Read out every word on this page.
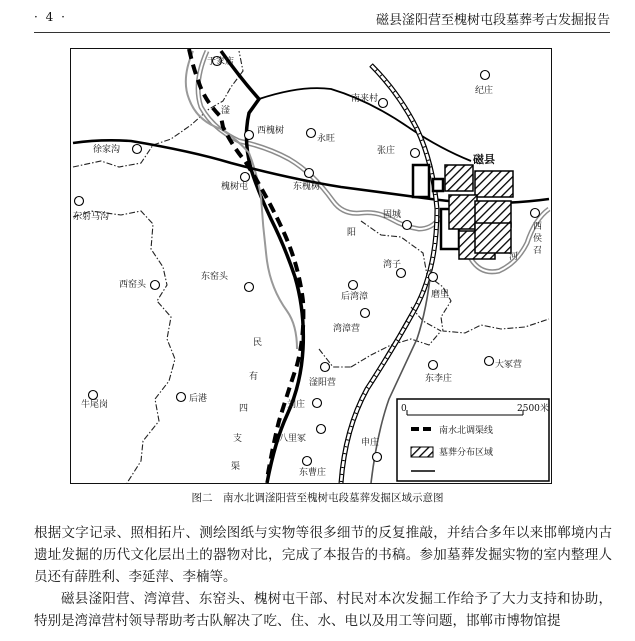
· 4 ·	磁县滏阳营至槐树屯段墓葬考古发掘报告
于家店
西槐树
永旺
南来村
纪庄
徐家沟	张庄
槐树屯	东槐树
固城
东射马沟
湾子
西窑头
东窑头
后湾漳	磨里
湾漳营
大冢营
滏阳营	东李庄
牛尾岗
后港
刘庄
八里冢	申庄
东曹庄
磁县
西
侯
召
滏
阳
河
民
有
四
支
渠
0	2500米
南水北调渠线
墓葬分布区域
图二　南水北调滏阳营至槐树屯段墓葬发掘区域示意图

根据文字记录、照相拓片、测绘图纸与实物等很多细节的反复推敲，并结合多年以来邯郸境内古遗址发掘的历代文化层出土的器物对比，完成了本报告的书稿。参加墓葬发掘实物的室内整理人员还有薛胜利、李延萍、李楠等。

磁县滏阳营、湾漳营、东窑头、槐树屯干部、村民对本次发掘工作给予了大力支持和协助，特别是湾漳营村领导帮助考古队解决了吃、住、水、电以及用工等问题，邯郸市博物馆提
